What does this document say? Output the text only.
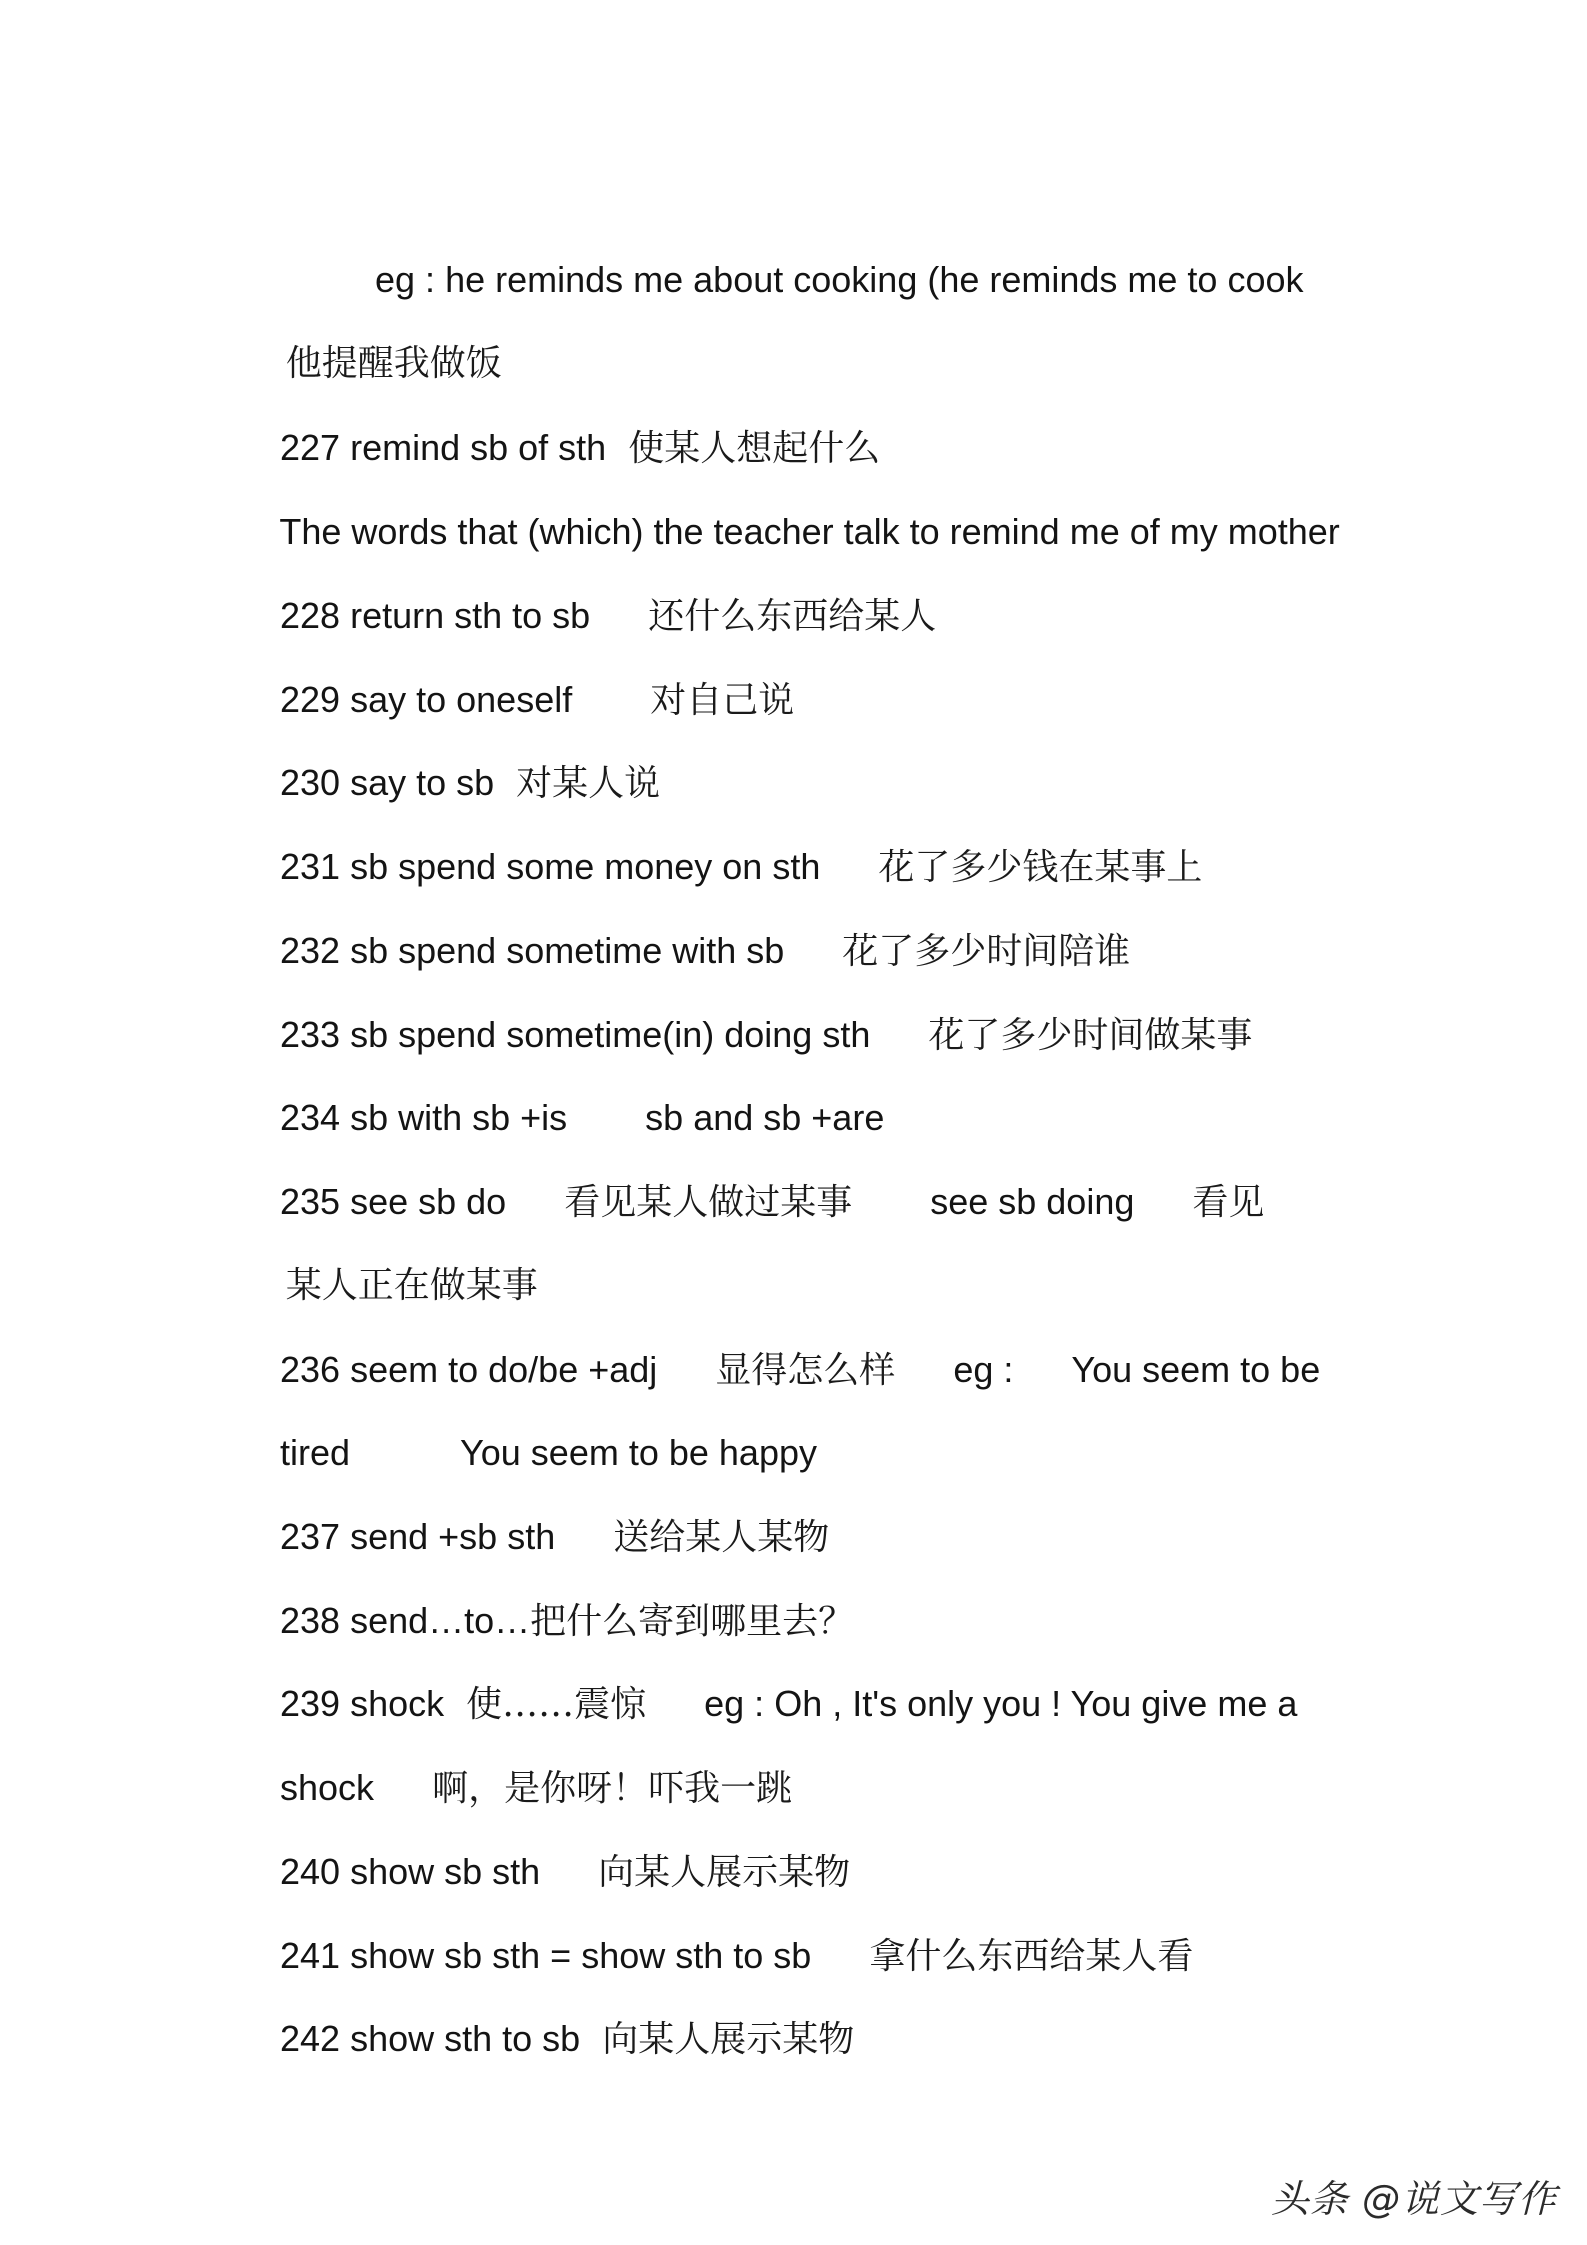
eg : he reminds me about cooking (he reminds me to cook

他提醒我做饭

227 remind sb of sth 使某人想起什么

The words that (which) the teacher talk to remind me of my mother

228 return sth to sb 还什么东西给某人

229 say to oneself 对自己说

230 say to sb 对某人说

231 sb spend some money on sth 花了多少钱在某事上

232 sb spend sometime with sb 花了多少时间陪谁

233 sb spend sometime(in) doing sth 花了多少时间做某事

234 sb with sb +is sb and sb +are

235 see sb do 看见某人做过某事 see sb doing 看见

某人正在做某事

236 seem to do/be +adj 显得怎么样 eg : You seem to be

tired	You seem to be happy

237 send +sb sth 送给某人某物

238 send…to…把什么寄到哪里去？

239 shock 使……震惊 eg : Oh , It's only you ! You give me a

shock 啊，是你呀！吓我一跳

240 show sb sth 向某人展示某物

241 show sb sth = show sth to sb 拿什么东西给某人看

242 show sth to sb 向某人展示某物

头条 @说文写作
